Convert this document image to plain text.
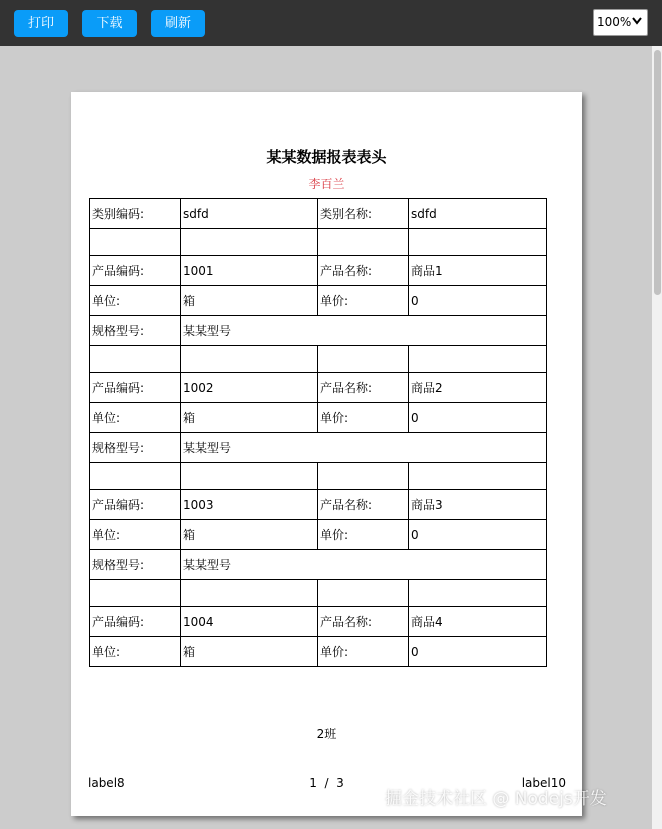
打印	下载	刷新	100%
某某数据报表表头
李百兰
类别编码:	sdfd	类别名称:	sdfd

产品编码:	1001	产品名称:	商品1
单位:	箱	单价:	0
规格型号:	某某型号		

产品编码:	1002	产品名称:	商品2
单位:	箱	单价:	0
规格型号:	某某型号		

产品编码:	1003	产品名称:	商品3
单位:	箱	单价:	0
规格型号:	某某型号		

产品编码:	1004	产品名称:	商品4
单位:	箱	单价:	0
2班
label8	1  /  3	label10
掘金技术社区 @ Nodejs开发
